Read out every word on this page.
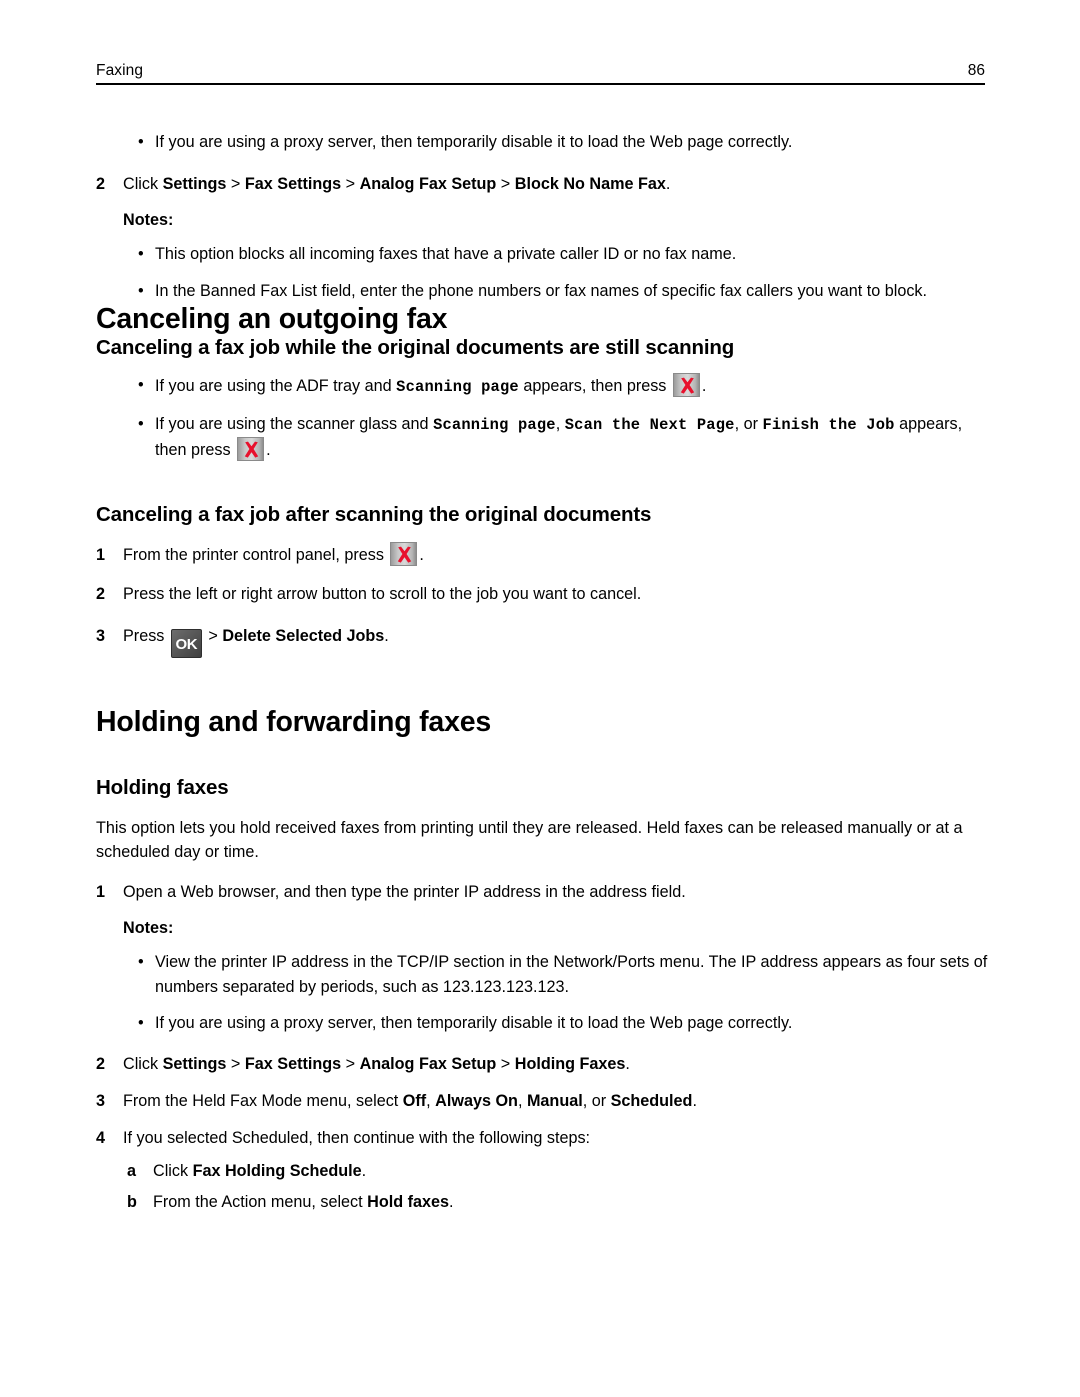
Faxing	86
• If you are using a proxy server, then temporarily disable it to load the Web page correctly.
2 Click Settings > Fax Settings > Analog Fax Setup > Block No Name Fax.
Notes:
• This option blocks all incoming faxes that have a private caller ID or no fax name.
• In the Banned Fax List field, enter the phone numbers or fax names of specific fax callers you want to block.
Canceling an outgoing fax
Canceling a fax job while the original documents are still scanning
• If you are using the ADF tray and Scanning page appears, then press
.
• If you are using the scanner glass and Scanning page, Scan the Next Page, or Finish the Job appears, then press
.
Canceling a fax job after scanning the original documents
1 From the printer control panel, press
.
2 Press the left or right arrow button to scroll to the job you want to cancel.
3 Press OK > Delete Selected Jobs.
Holding and forwarding faxes
Holding faxes

This option lets you hold received faxes from printing until they are released. Held faxes can be released manually or at a scheduled day or time.

1 Open a Web browser, and then type the printer IP address in the address field.
Notes:
• View the printer IP address in the TCP/IP section in the Network/Ports menu. The IP address appears as four sets of numbers separated by periods, such as 123.123.123.123.
• If you are using a proxy server, then temporarily disable it to load the Web page correctly.
2 Click Settings > Fax Settings > Analog Fax Setup > Holding Faxes.
3 From the Held Fax Mode menu, select Off, Always On, Manual, or Scheduled.
4 If you selected Scheduled, then continue with the following steps:
a Click Fax Holding Schedule.
b From the Action menu, select Hold faxes.
